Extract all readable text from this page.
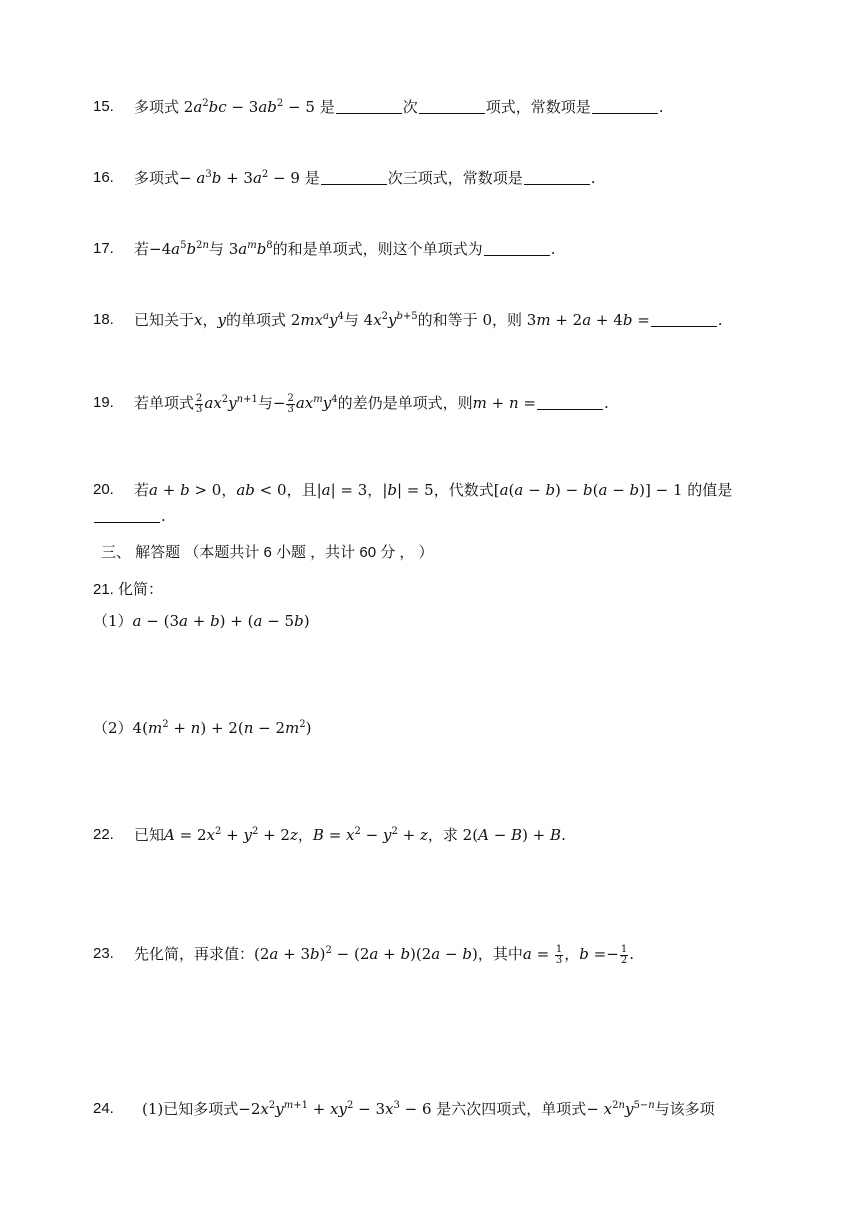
15. 多项式 $2a^2bc - 3ab^2 - 5$ 是	次	项式，常数项是	.
16. 多项式− $a^3b + 3a^2 - 9$ 是	次三项式，常数项是	.
17. 若$-4a^5b^{2n}$与 $3a^mb^8$的和是单项式，则这个单项式为	.
18. 已知关于x，y的单项式 $2mx^ay^4$与 $4x^2y^{b+5}$的和等于 0，则 3m + 2a + 4b =	.
19. 若单项式 $\frac{2}{3} ax^2y^{n+1}$与− $\frac{2}{3} ax^my^4$的差仍是单项式，则m + n =	.
20. 若a + b > 0，ab < 0，且|a| = 3，|b| = 5，代数式[a(a − b) − b(a − b)] − 1 的值是
.
三、 解答题 （本题共计 6 小题 ，共计 60 分 ， ）
21. 化简：
（1）a − (3a + b) + (a − 5b)
$(2)4(m^2 + n) + 2(n - 2m^2)$
22. 已知$A = 2x^2 + y^2 + 2z$，$B = x^2 - y^2 + z$，求 2(A − B) + B.
23. 先化简，再求值：$(2a + 3b)^2 - (2a + b)(2a - b)$，其中$a = \frac{1}{3}$ ，$b =- \frac{1}{2}$ .
24. (1)已知多项式$-2x^2y^{m+1} + xy^2 - 3x^3 - 6$ 是六次四项式，单项式− $x^{2n}y^{5-n}$与该多项
